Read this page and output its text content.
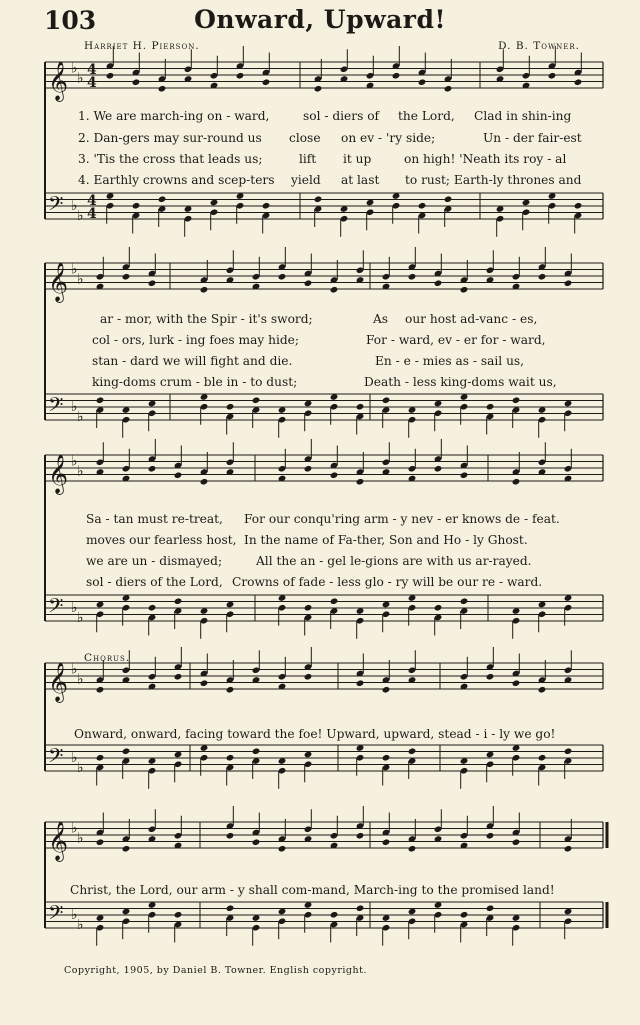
103	Onward, Upward!
Harriet H. Pierson.	D. B. Towner.
𝄞
𝄢
♭
♭
♭
♭
4
4
4
4
𝄞
𝄢
♭
♭
♭
♭
𝄞
𝄢
♭
♭
♭
♭
𝄞
𝄢
♭
♭
♭
♭
𝄞
𝄢
♭
♭
♭
♭
1. We are march-ing on - ward,	sol - diers of the Lord, Clad in shin-ing
2. Dan-gers may sur-round us close on ev - 'ry side;	Un - der fair-est
3. 'Tis the cross that leads us;	lift it up	on high! 'Neath its roy - al
4. Earthly crowns and scep-ters yield at last to rust; Earth-ly thrones and
ar - mor, with the Spir - it's sword;	As our host ad-vanc - es,
col - ors, lurk - ing foes may hide;	For - ward, ev - er for - ward,
stan - dard we will fight and die.	En - e - mies as - sail us,
king-doms crum - ble in - to dust;	Death - less king-doms wait us,
Sa - tan must re-treat, For our conqu'ring arm - y nev - er knows de - feat.
moves our fearless host, In the name of Fa-ther, Son and Ho - ly Ghost.
we are un - dismayed;	All the an - gel le-gions are with us ar-rayed.
sol - diers of the Lord, Crowns of fade - less glo - ry will be our re - ward.
Chorus.
Onward, onward, facing toward the foe! Upward, upward, stead - i - ly we go!
Christ, the Lord, our arm - y shall com-mand, March-ing to the promised land!
Copyright, 1905, by Daniel B. Towner. English copyright.
